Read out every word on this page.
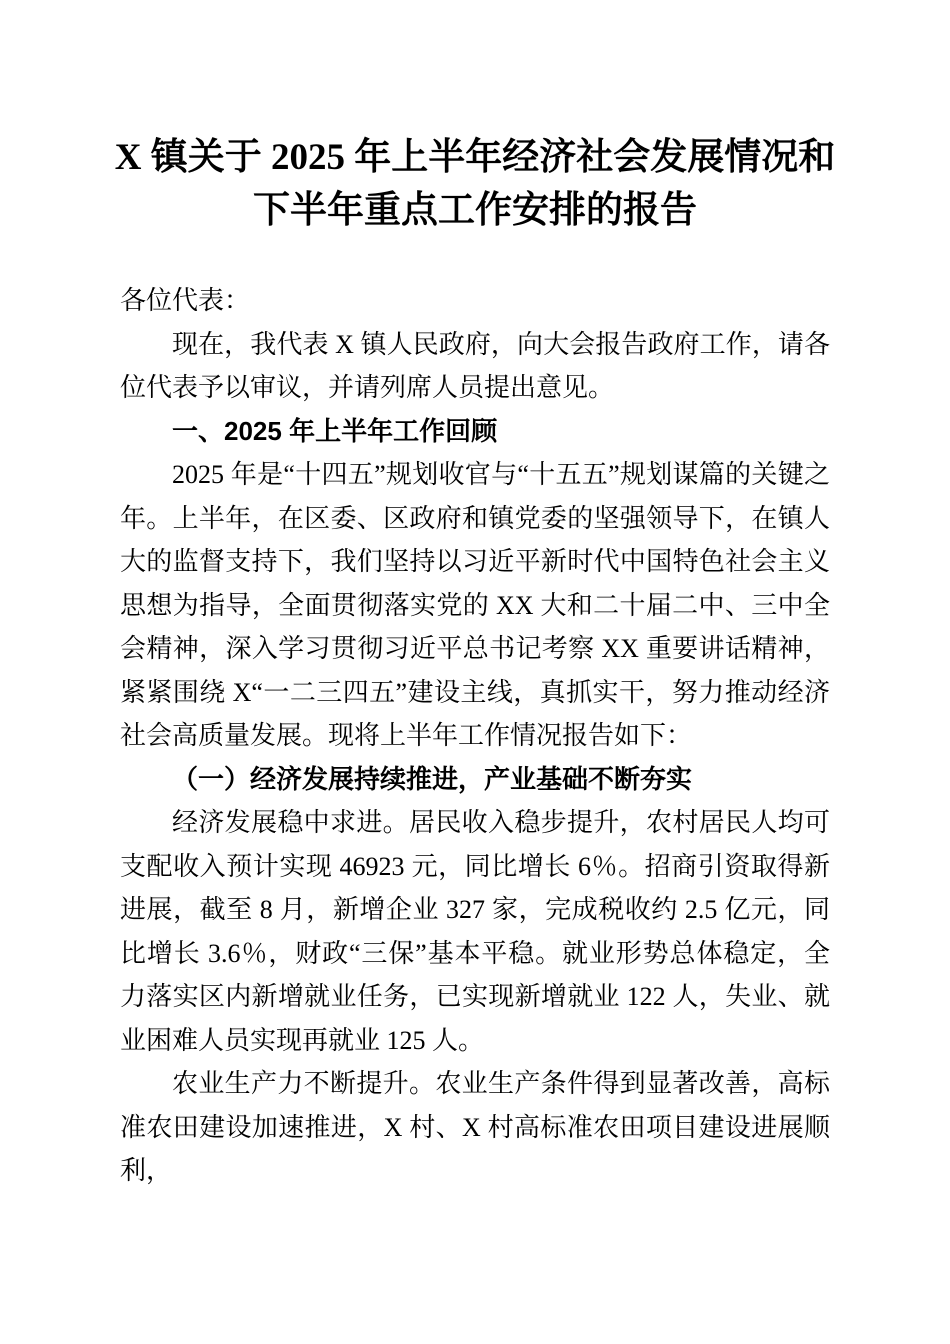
X 镇关于 2025 年上半年经济社会发展情况和
下半年重点工作安排的报告

各位代表：

现在，我代表 X 镇人民政府，向大会报告政府工作，请各位代表予以审议，并请列席人员提出意见。

一、2025 年上半年工作回顾

2025 年是“十四五”规划收官与“十五五”规划谋篇的关键之年。上半年，在区委、区政府和镇党委的坚强领导下，在镇人大的监督支持下，我们坚持以习近平新时代中国特色社会主义思想为指导，全面贯彻落实党的 XX 大和二十届二中、三中全会精神，深入学习贯彻习近平总书记考察 XX 重要讲话精神，紧紧围绕 X“一二三四五”建设主线，真抓实干，努力推动经济社会高质量发展。现将上半年工作情况报告如下：

（一）经济发展持续推进，产业基础不断夯实

经济发展稳中求进。居民收入稳步提升，农村居民人均可支配收入预计实现 46923 元，同比增长 6％。招商引资取得新进展，截至 8 月，新增企业 327 家，完成税收约 2.5 亿元，同比增长 3.6％，财政“三保”基本平稳。就业形势总体稳定，全力落实区内新增就业任务，已实现新增就业 122 人，失业、就业困难人员实现再就业 125 人。

农业生产力不断提升。农业生产条件得到显著改善，高标准农田建设加速推进，X 村、X 村高标准农田项目建设进展顺利，
